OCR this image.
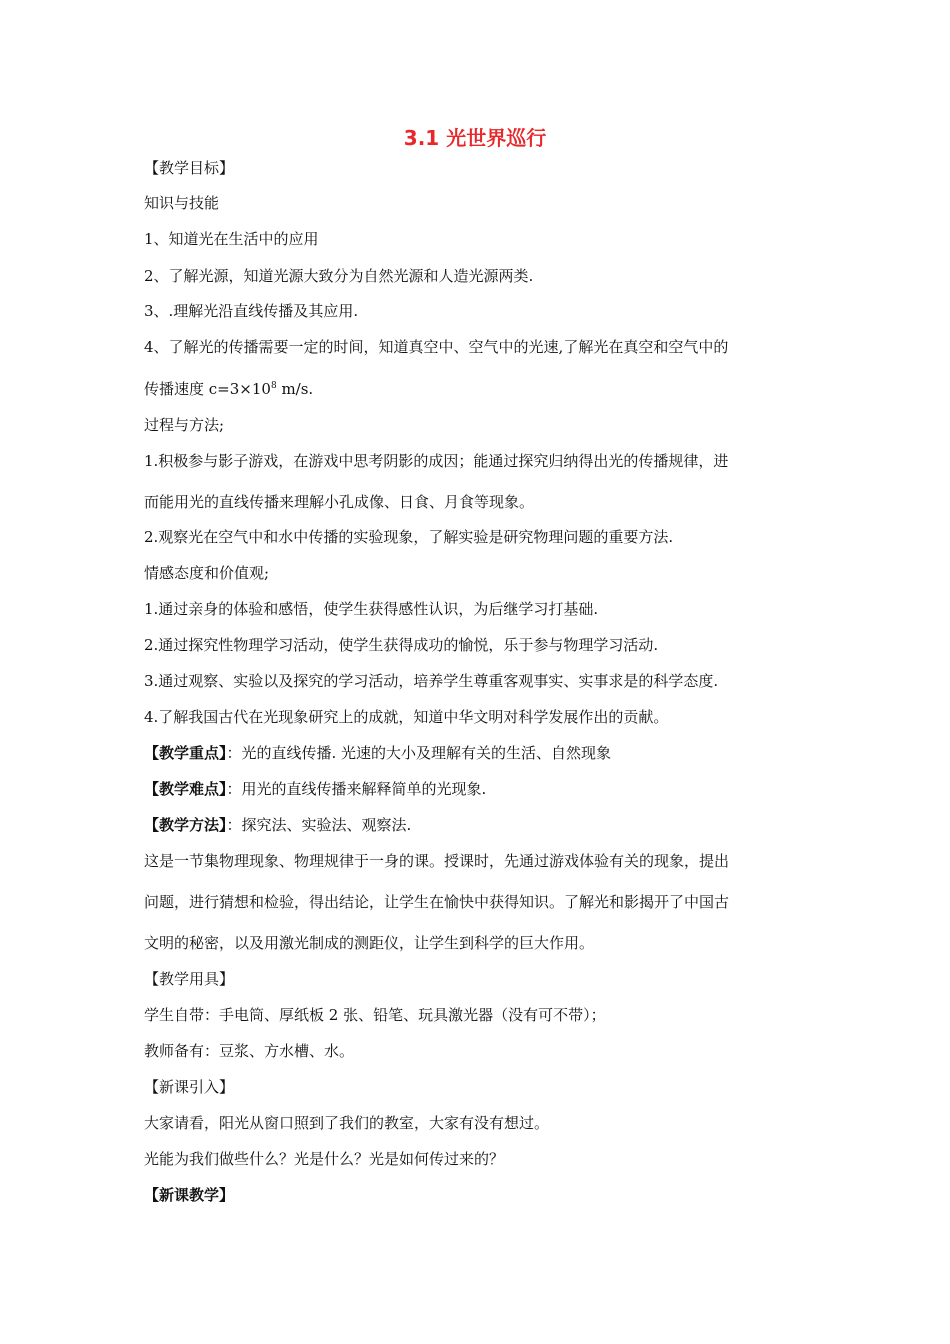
3.1 光世界巡行
【教学目标】
知识与技能
1、知道光在生活中的应用
2、了解光源，知道光源大致分为自然光源和人造光源两类.
3、.理解光沿直线传播及其应用.
4、了解光的传播需要一定的时间，知道真空中、空气中的光速,了解光在真空和空气中的
传播速度 $c=3\times 10^8$ m/s.
过程与方法;
1.积极参与影子游戏，在游戏中思考阴影的成因；能通过探究归纳得出光的传播规律，进
而能用光的直线传播来理解小孔成像、日食、月食等现象。
2.观察光在空气中和水中传播的实验现象，了解实验是研究物理问题的重要方法.
情感态度和价值观;
1.通过亲身的体验和感悟，使学生获得感性认识，为后继学习打基础.
2.通过探究性物理学习活动，使学生获得成功的愉悦，乐于参与物理学习活动.
3.通过观察、实验以及探究的学习活动，培养学生尊重客观事实、实事求是的科学态度.
4.了解我国古代在光现象研究上的成就，知道中华文明对科学发展作出的贡献。
【教学重点】：光的直线传播. 光速的大小及理解有关的生活、自然现象
【教学难点】：用光的直线传播来解释简单的光现象.
【教学方法】：探究法、实验法、观察法.
这是一节集物理现象、物理规律于一身的课。授课时，先通过游戏体验有关的现象，提出
问题，进行猜想和检验，得出结论，让学生在愉快中获得知识。了解光和影揭开了中国古
文明的秘密，以及用激光制成的测距仪，让学生到科学的巨大作用。
【教学用具】
学生自带：手电筒、厚纸板 2 张、铅笔、玩具激光器（没有可不带）；
教师备有：豆浆、方水槽、水。
【新课引入】
大家请看，阳光从窗口照到了我们的教室，大家有没有想过。
光能为我们做些什么？光是什么？光是如何传过来的？
【新课教学】
